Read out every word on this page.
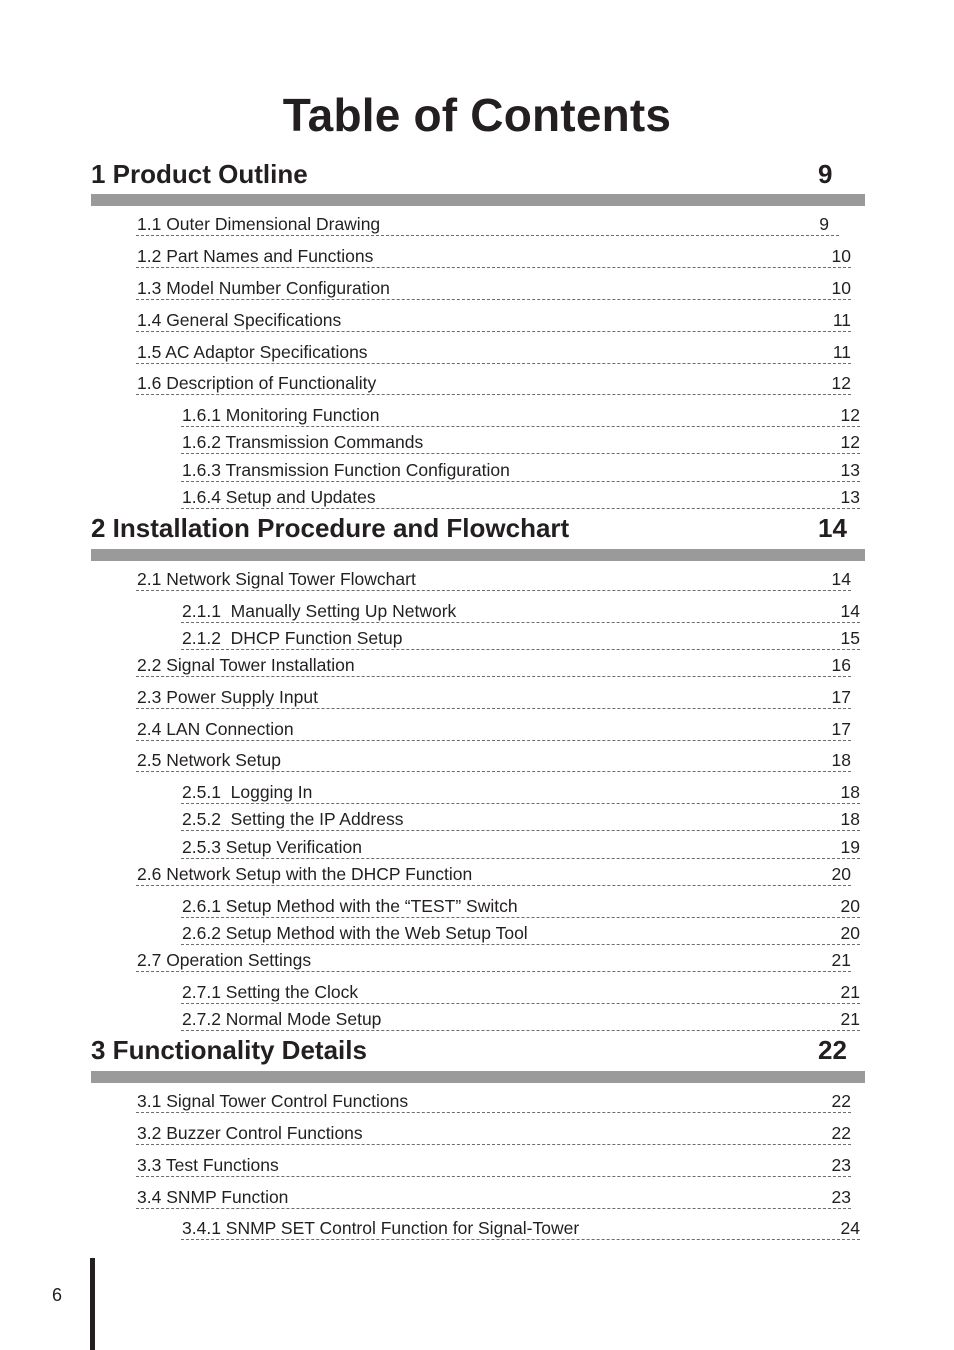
Table of Contents
1 Product Outline	9
1.1 Outer Dimensional Drawing	9
1.2 Part Names and Functions	10
1.3 Model Number Configuration	10
1.4 General Specifications	11
1.5 AC Adaptor Specifications	11
1.6 Description of Functionality	12
1.6.1 Monitoring Function	12
1.6.2 Transmission Commands	12
1.6.3 Transmission Function Configuration	13
1.6.4 Setup and Updates	13
2 Installation Procedure and Flowchart	14
2.1 Network Signal Tower Flowchart	14
2.1.1  Manually Setting Up Network	14
2.1.2  DHCP Function Setup	15
2.2 Signal Tower Installation	16
2.3 Power Supply Input	17
2.4 LAN Connection	17
2.5 Network Setup	18
2.5.1  Logging In	18
2.5.2  Setting the IP Address	18
2.5.3 Setup Verification	19
2.6 Network Setup with the DHCP Function	20
2.6.1 Setup Method with the “TEST” Switch	20
2.6.2 Setup Method with the Web Setup Tool	20
2.7 Operation Settings	21
2.7.1 Setting the Clock	21
2.7.2 Normal Mode Setup	21
3 Functionality Details	22
3.1 Signal Tower Control Functions	22
3.2 Buzzer Control Functions	22
3.3 Test Functions	23
3.4 SNMP Function	23
3.4.1 SNMP SET Control Function for Signal-Tower	24
6
